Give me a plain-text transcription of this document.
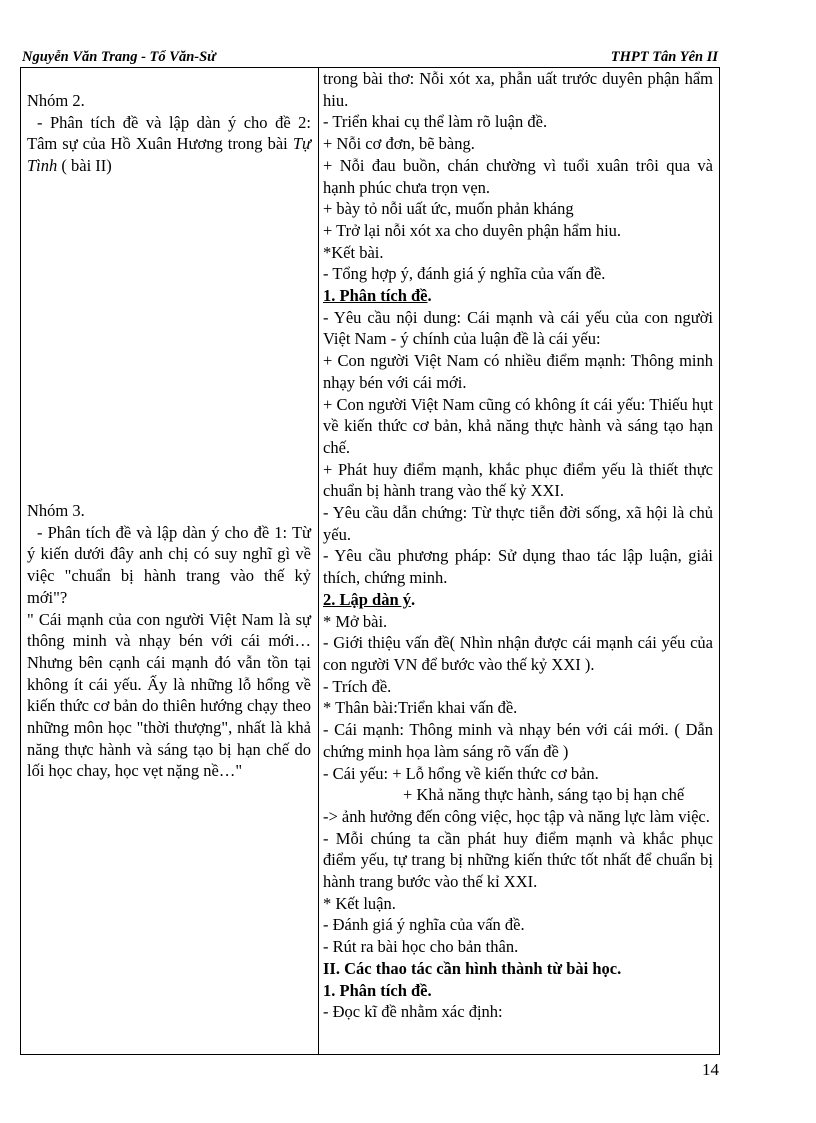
Nguyễn Văn Trang - Tổ Văn-Sử	THPT Tân Yên II

Nhóm 2.

- Phân tích đề và lập dàn ý cho đề 2: Tâm sự của Hồ Xuân Hương trong bài Tự Tình ( bài II)

Nhóm 3.

- Phân tích đề và lập dàn ý cho đề 1: Từ ý kiến dưới đây anh chị có suy nghĩ gì về việc "chuẩn bị hành trang vào thế kỷ mới"?

" Cái mạnh của con người Việt Nam là sự thông minh và nhạy bén với cái mới…Nhưng bên cạnh cái mạnh đó vẫn tồn tại không ít cái yếu. Ấy là những lỗ hổng về kiến thức cơ bản do thiên hướng chạy theo những môn học "thời thượng", nhất là khả năng thực hành và sáng tạo bị hạn chế do lối học chay, học vẹt nặng nề…"

trong bài thơ: Nỗi xót xa, phẫn uất trước duyên phận hẩm hiu.

- Triển khai cụ thể làm rõ luận đề.

+ Nỗi cơ đơn, bẽ bàng.

+ Nỗi đau buồn, chán chường vì tuổi xuân trôi qua và hạnh phúc chưa trọn vẹn.

+ bày tỏ nỗi uất ức, muốn phản kháng

+ Trở lại nỗi xót xa cho duyên phận hẩm hiu.

*Kết bài.

- Tổng hợp ý, đánh giá ý nghĩa của vấn đề.

1. Phân tích đề.

- Yêu cầu nội dung: Cái mạnh và cái yếu của con người Việt Nam - ý chính của luận đề là cái yếu:

+ Con người Việt Nam có nhiều điểm mạnh: Thông minh nhạy bén với cái mới.

+ Con người Việt Nam cũng có không ít cái yếu: Thiếu hụt về kiến thức cơ bản, khả năng thực hành và sáng tạo hạn chế.

+ Phát huy điểm mạnh, khắc phục điểm yếu là thiết thực chuẩn bị hành trang vào thế kỷ XXI.

- Yêu cầu dẫn chứng: Từ thực tiễn đời sống, xã hội là chủ yếu.

- Yêu cầu phương pháp: Sử dụng thao tác lập luận, giải thích, chứng minh.

2. Lập dàn ý.

* Mở bài.

- Giới thiệu vấn đề( Nhìn nhận được cái mạnh cái yếu của con người VN để bước vào thế kỷ XXI ).

- Trích đề.

* Thân bài:Triển khai vấn đề.

- Cái mạnh: Thông minh và nhạy bén với cái mới. ( Dẫn chứng minh họa làm sáng rõ vấn đề )

- Cái yếu: + Lỗ hổng về kiến thức cơ bản.

+ Khả năng thực hành, sáng tạo bị hạn chế

-> ảnh hưởng đến công việc, học tập và năng lực làm việc.

- Mỗi chúng ta cần phát huy điểm mạnh và khắc phục điểm yếu, tự trang bị những kiến thức tốt nhất để chuẩn bị hành trang bước vào thế kỉ XXI.

* Kết luận.

- Đánh giá ý nghĩa của vấn đề.

- Rút ra bài học cho bản thân.

II. Các thao tác cần hình thành từ bài học.

1. Phân tích đề.

- Đọc kĩ đề nhằm xác định:

14
